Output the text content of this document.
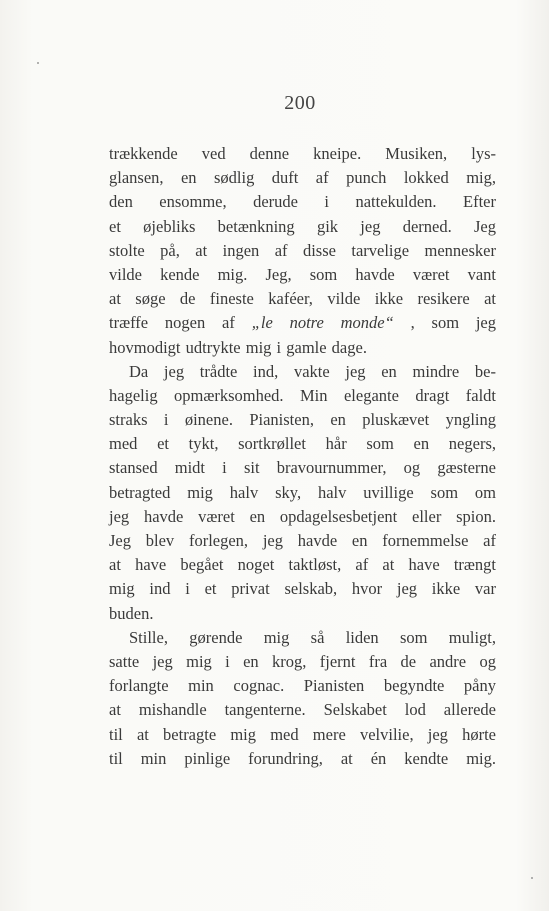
200
trækkende ved denne kneipe. Musiken, lys-
glansen, en sødlig duft af punch lokked mig,
den ensomme, derude i nattekulden. Efter
et øjebliks betænkning gik jeg derned. Jeg
stolte på, at ingen af disse tarvelige mennesker
vilde kende mig. Jeg, som havde været vant
at søge de fineste kaféer, vilde ikke resikere at
træffe nogen af „le notre monde“ , som jeg
hovmodigt udtrykte mig i gamle dage.
Da jeg trådte ind, vakte jeg en mindre be-
hagelig opmærksomhed. Min elegante dragt faldt
straks i øinene. Pianisten, en pluskævet yngling
med et tykt, sortkrøllet hår som en negers,
stansed midt i sit bravournummer, og gæsterne
betragted mig halv sky, halv uvillige som om
jeg havde været en opdagelsesbetjent eller spion.
Jeg blev forlegen, jeg havde en fornemmelse af
at have begået noget taktløst, af at have trængt
mig ind i et privat selskab, hvor jeg ikke var
buden.
Stille, gørende mig så liden som muligt,
satte jeg mig i en krog, fjernt fra de andre og
forlangte min cognac. Pianisten begyndte påny
at mishandle tangenterne. Selskabet lod allerede
til at betragte mig med mere velvilie, jeg hørte
til min pinlige forundring, at én kendte mig.
